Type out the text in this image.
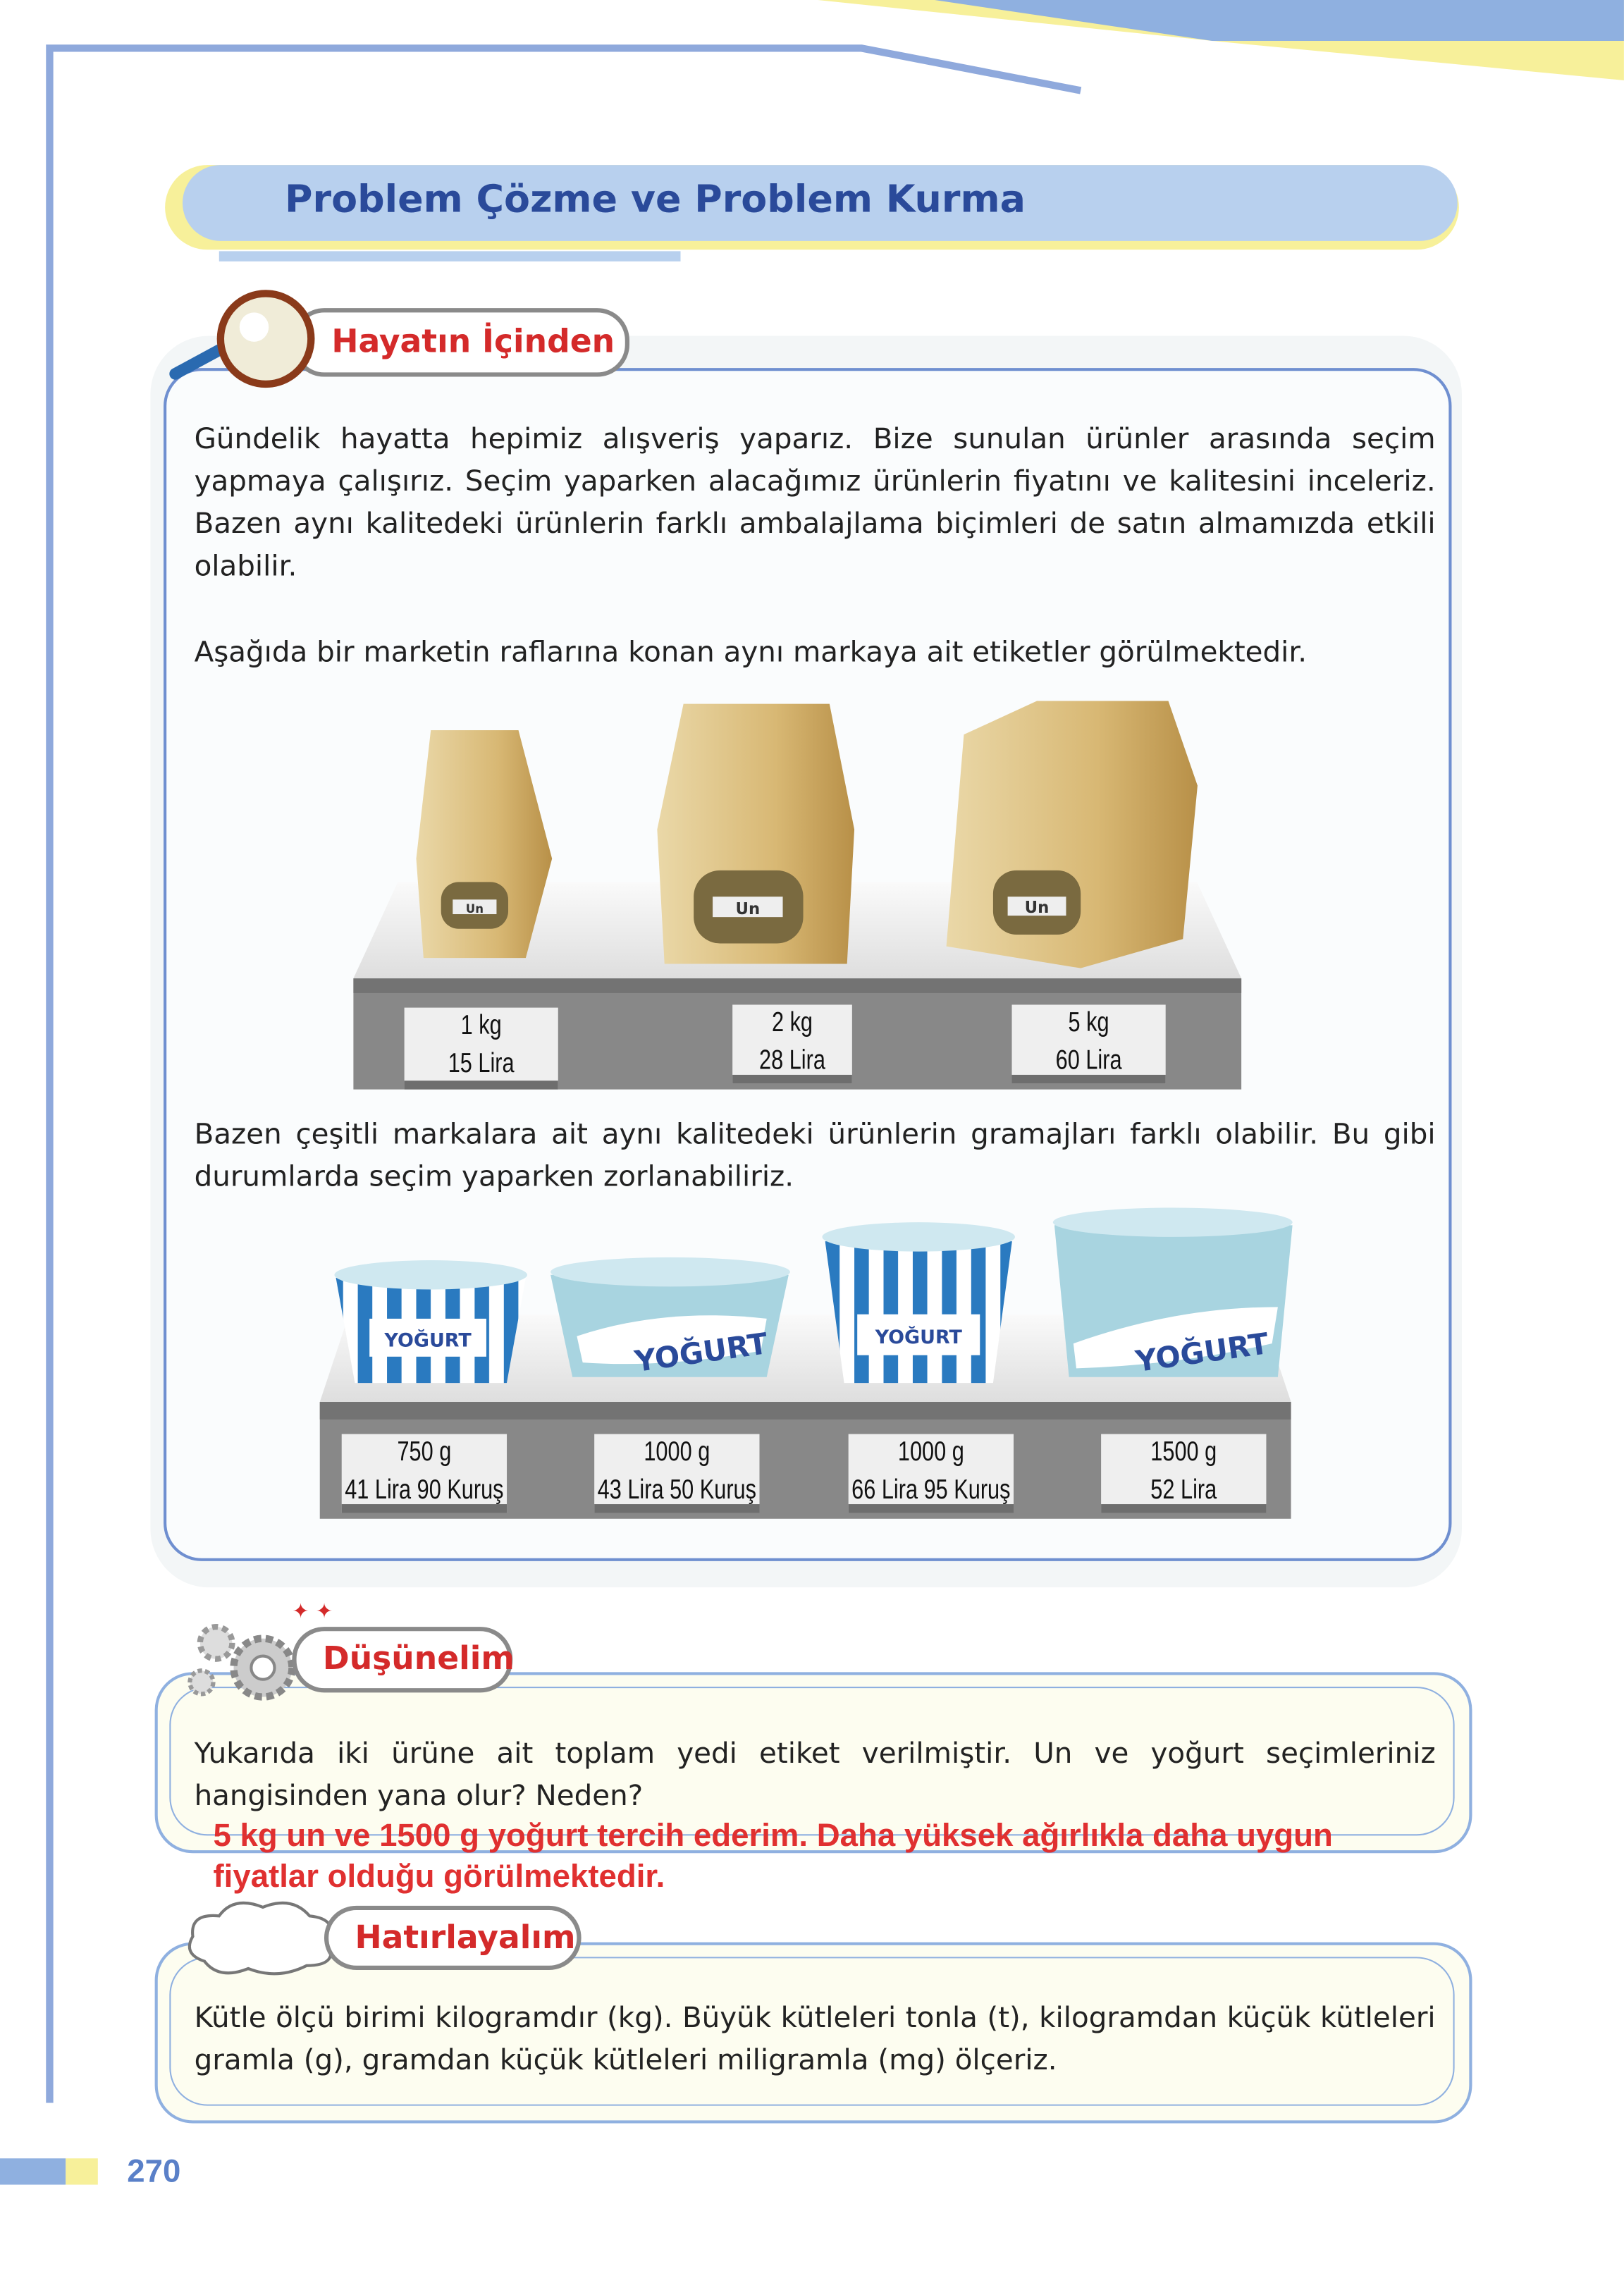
Problem Çözme ve Problem Kurma
Hayatın İçinden
Gündelik hayatta hepimiz alışveriş yaparız. Bize sunulan ürünler arasında seçim yapmaya çalışırız. Seçim yaparken alacağımız ürünlerin fiyatını ve kalitesini inceleriz. Bazen aynı kalitedeki ürünlerin farklı ambalajlama biçimleri de satın almamızda etkili olabilir.
Aşağıda bir marketin raflarına konan aynı markaya ait etiketler görülmektedir.
Un	Un	Un
1 kg
15 Lira
2 kg
28 Lira
5 kg
60 Lira
Bazen çeşitli markalara ait aynı kalitedeki ürünlerin gramajları farklı olabilir. Bu gibi durumlarda seçim yaparken zorlanabiliriz.
YOĞURT	YOĞURT	YOĞURT	YOĞURT
750 g
41 Lira 90 Kuruş
1000 g
43 Lira 50 Kuruş
1000 g
66 Lira 95 Kuruş
1500 g
52 Lira
✦ ✦
Düşünelim
Yukarıda iki ürüne ait toplam yedi etiket verilmiştir. Un ve yoğurt seçimleriniz hangisinden yana olur? Neden?
5 kg un ve 1500 g yoğurt tercih ederim. Daha yüksek ağırlıkla daha uygun fiyatlar olduğu görülmektedir.
Hatırlayalım
Kütle ölçü birimi kilogramdır (kg). Büyük kütleleri tonla (t), kilogramdan küçük kütleleri gramla (g), gramdan küçük kütleleri miligramla (mg) ölçeriz.
270
